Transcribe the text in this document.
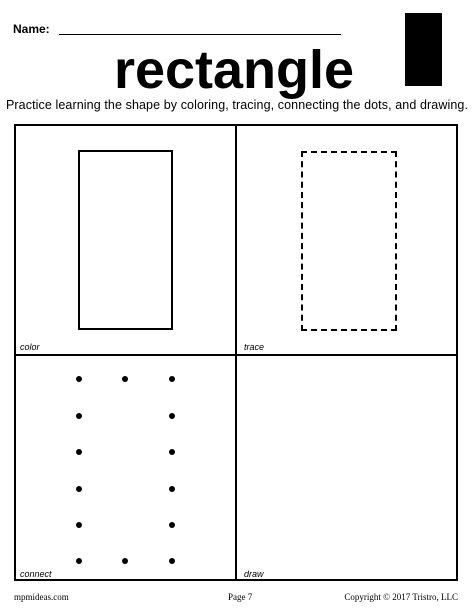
Name:
rectangle
Practice learning the shape by coloring, tracing, connecting the dots, and drawing.
color	trace
connect	draw
mpmideas.com	Page 7	Copyright © 2017 Tristro, LLC
